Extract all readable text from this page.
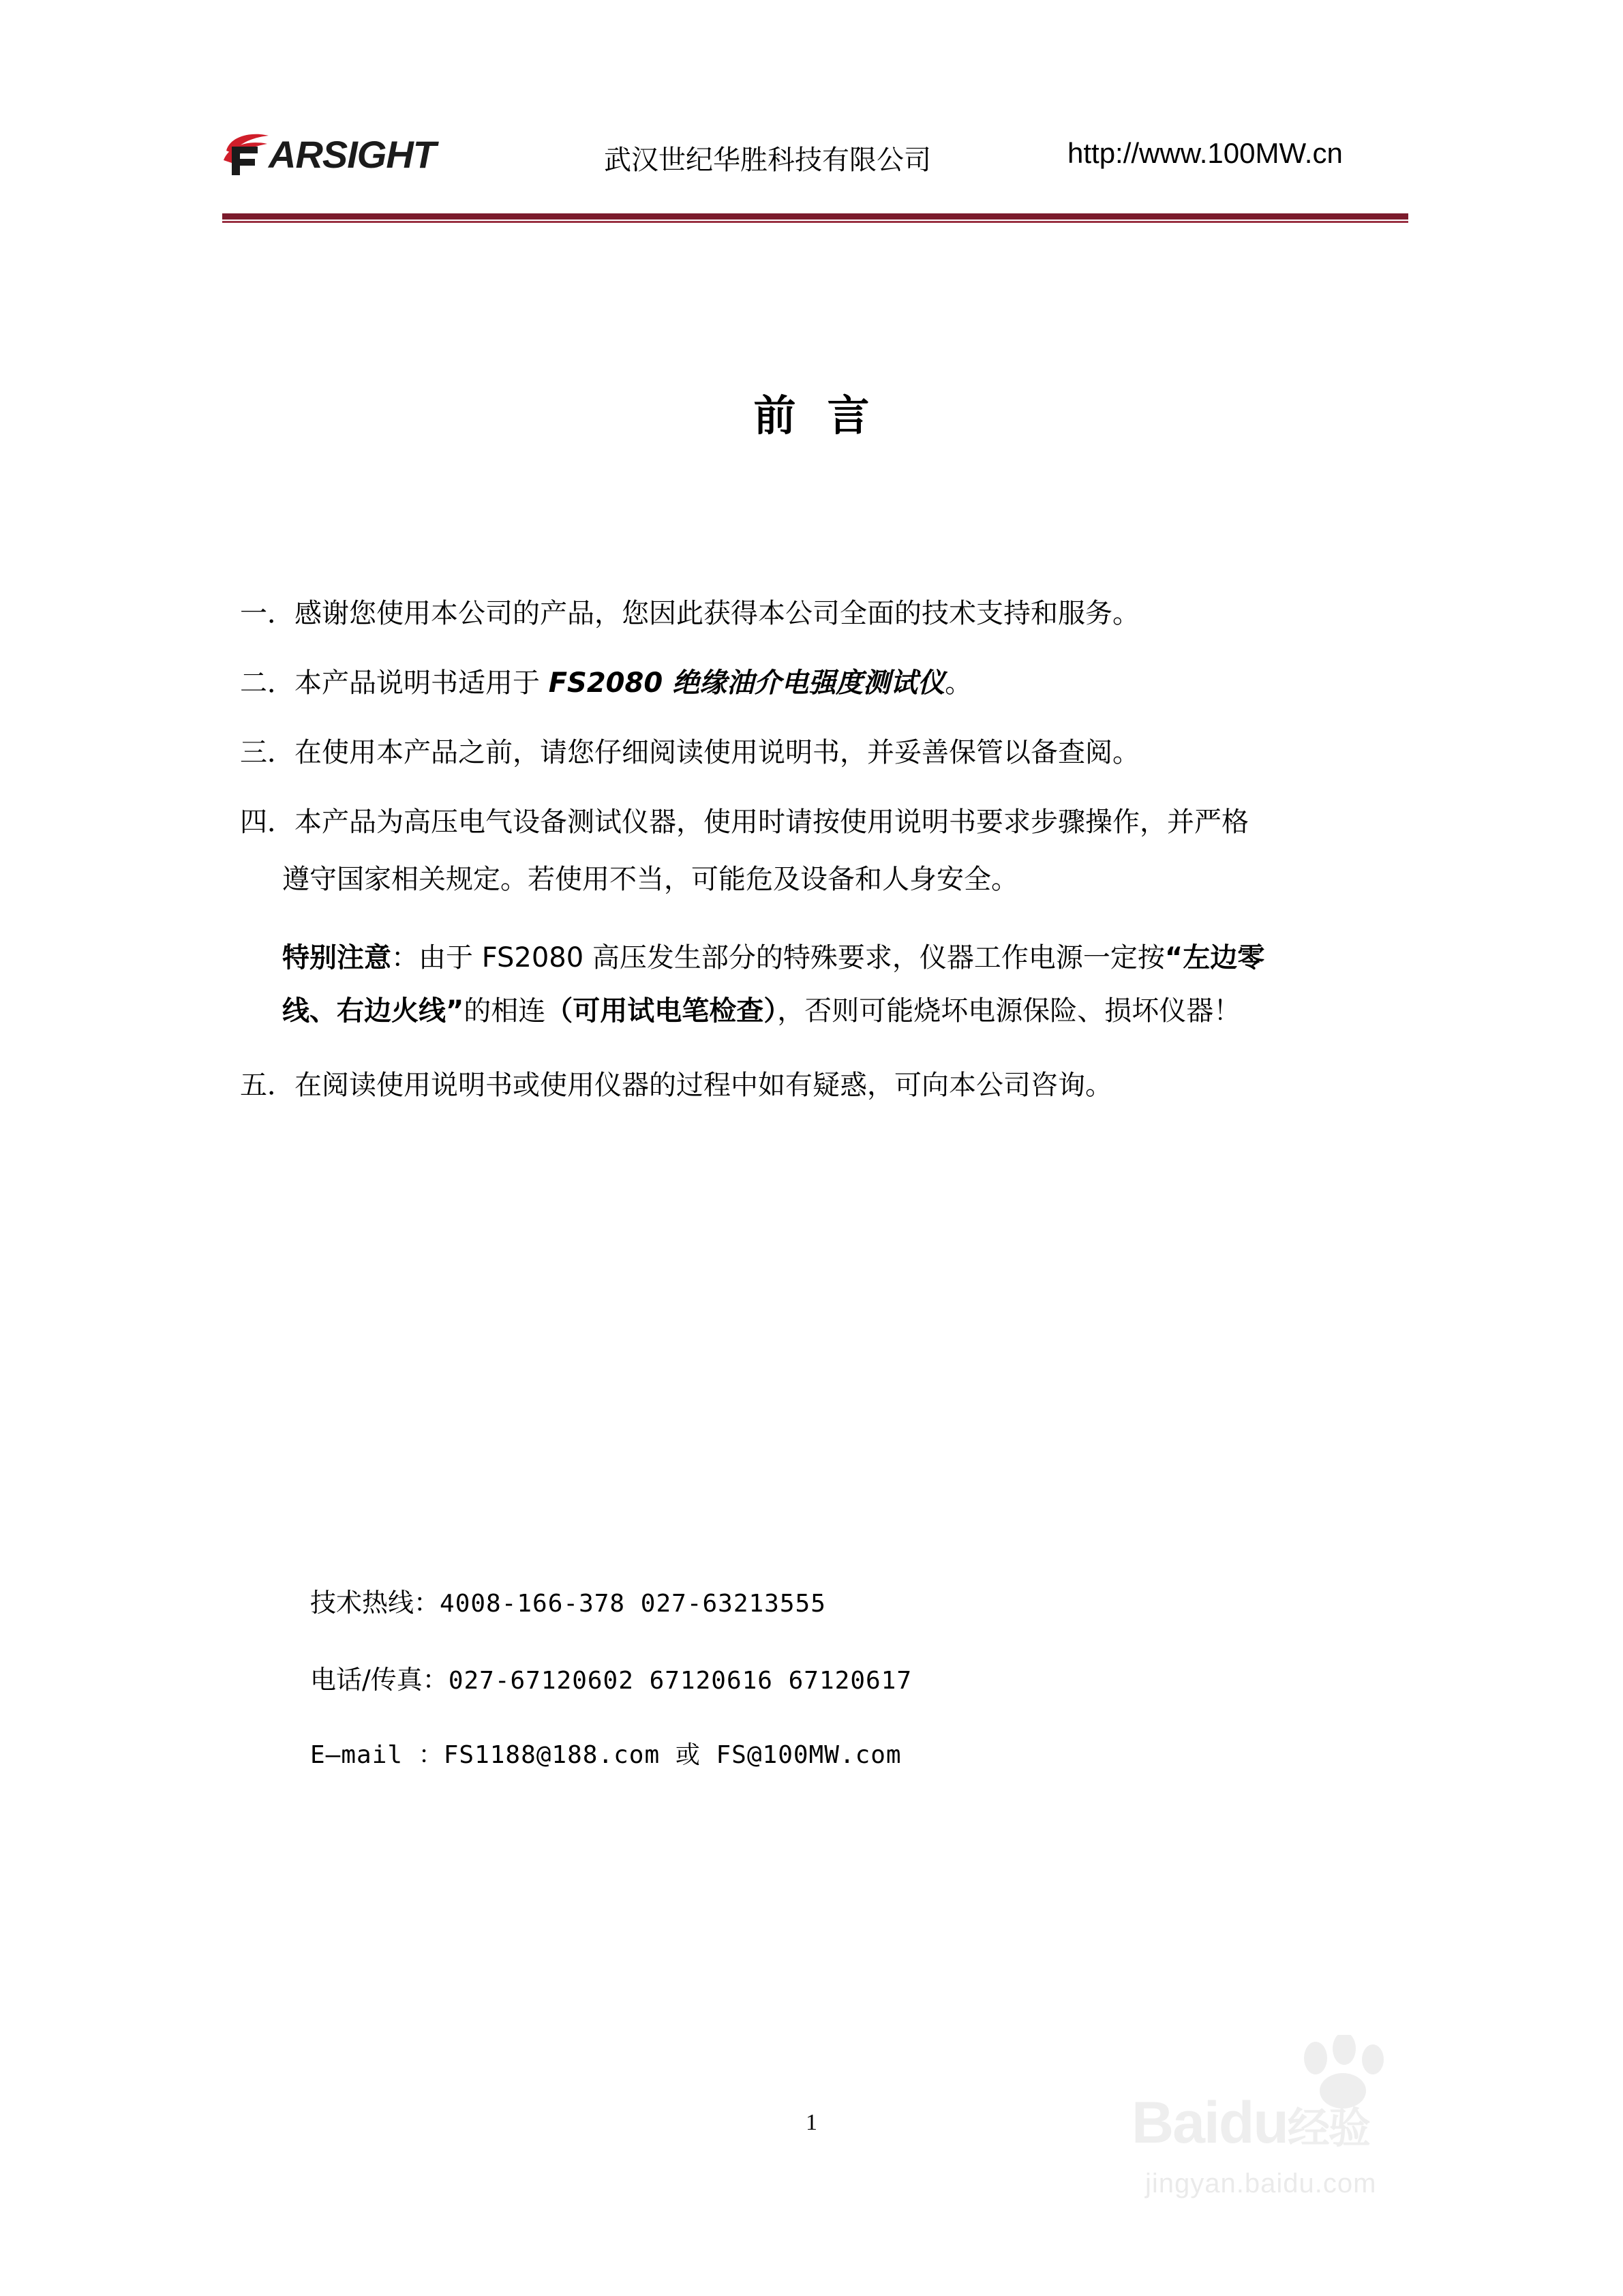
ARSIGHT	武汉世纪华胜科技有限公司	http://www.100MW.cn
前言

一．感谢您使用本公司的产品，您因此获得本公司全面的技术支持和服务。

二．本产品说明书适用于 FS2080 绝缘油介电强度测试仪。

三．在使用本产品之前，请您仔细阅读使用说明书，并妥善保管以备查阅。

四．本产品为高压电气设备测试仪器，使用时请按使用说明书要求步骤操作，并严格

遵守国家相关规定。若使用不当，可能危及设备和人身安全。

特别注意：由于 FS2080 高压发生部分的特殊要求，仪器工作电源一定按“左边零
线、右边火线”的相连（可用试电笔检查），否则可能烧坏电源保险、损坏仪器！

五．在阅读使用说明书或使用仪器的过程中如有疑惑，可向本公司咨询。

技术热线：4008-166-378 027-63213555

电话/传真：027-67120602 67120616 67120617

E—mail ：FS1188@188.com 或 FS@100MW.com

1	Baidu经验
jingyan.baidu.com
